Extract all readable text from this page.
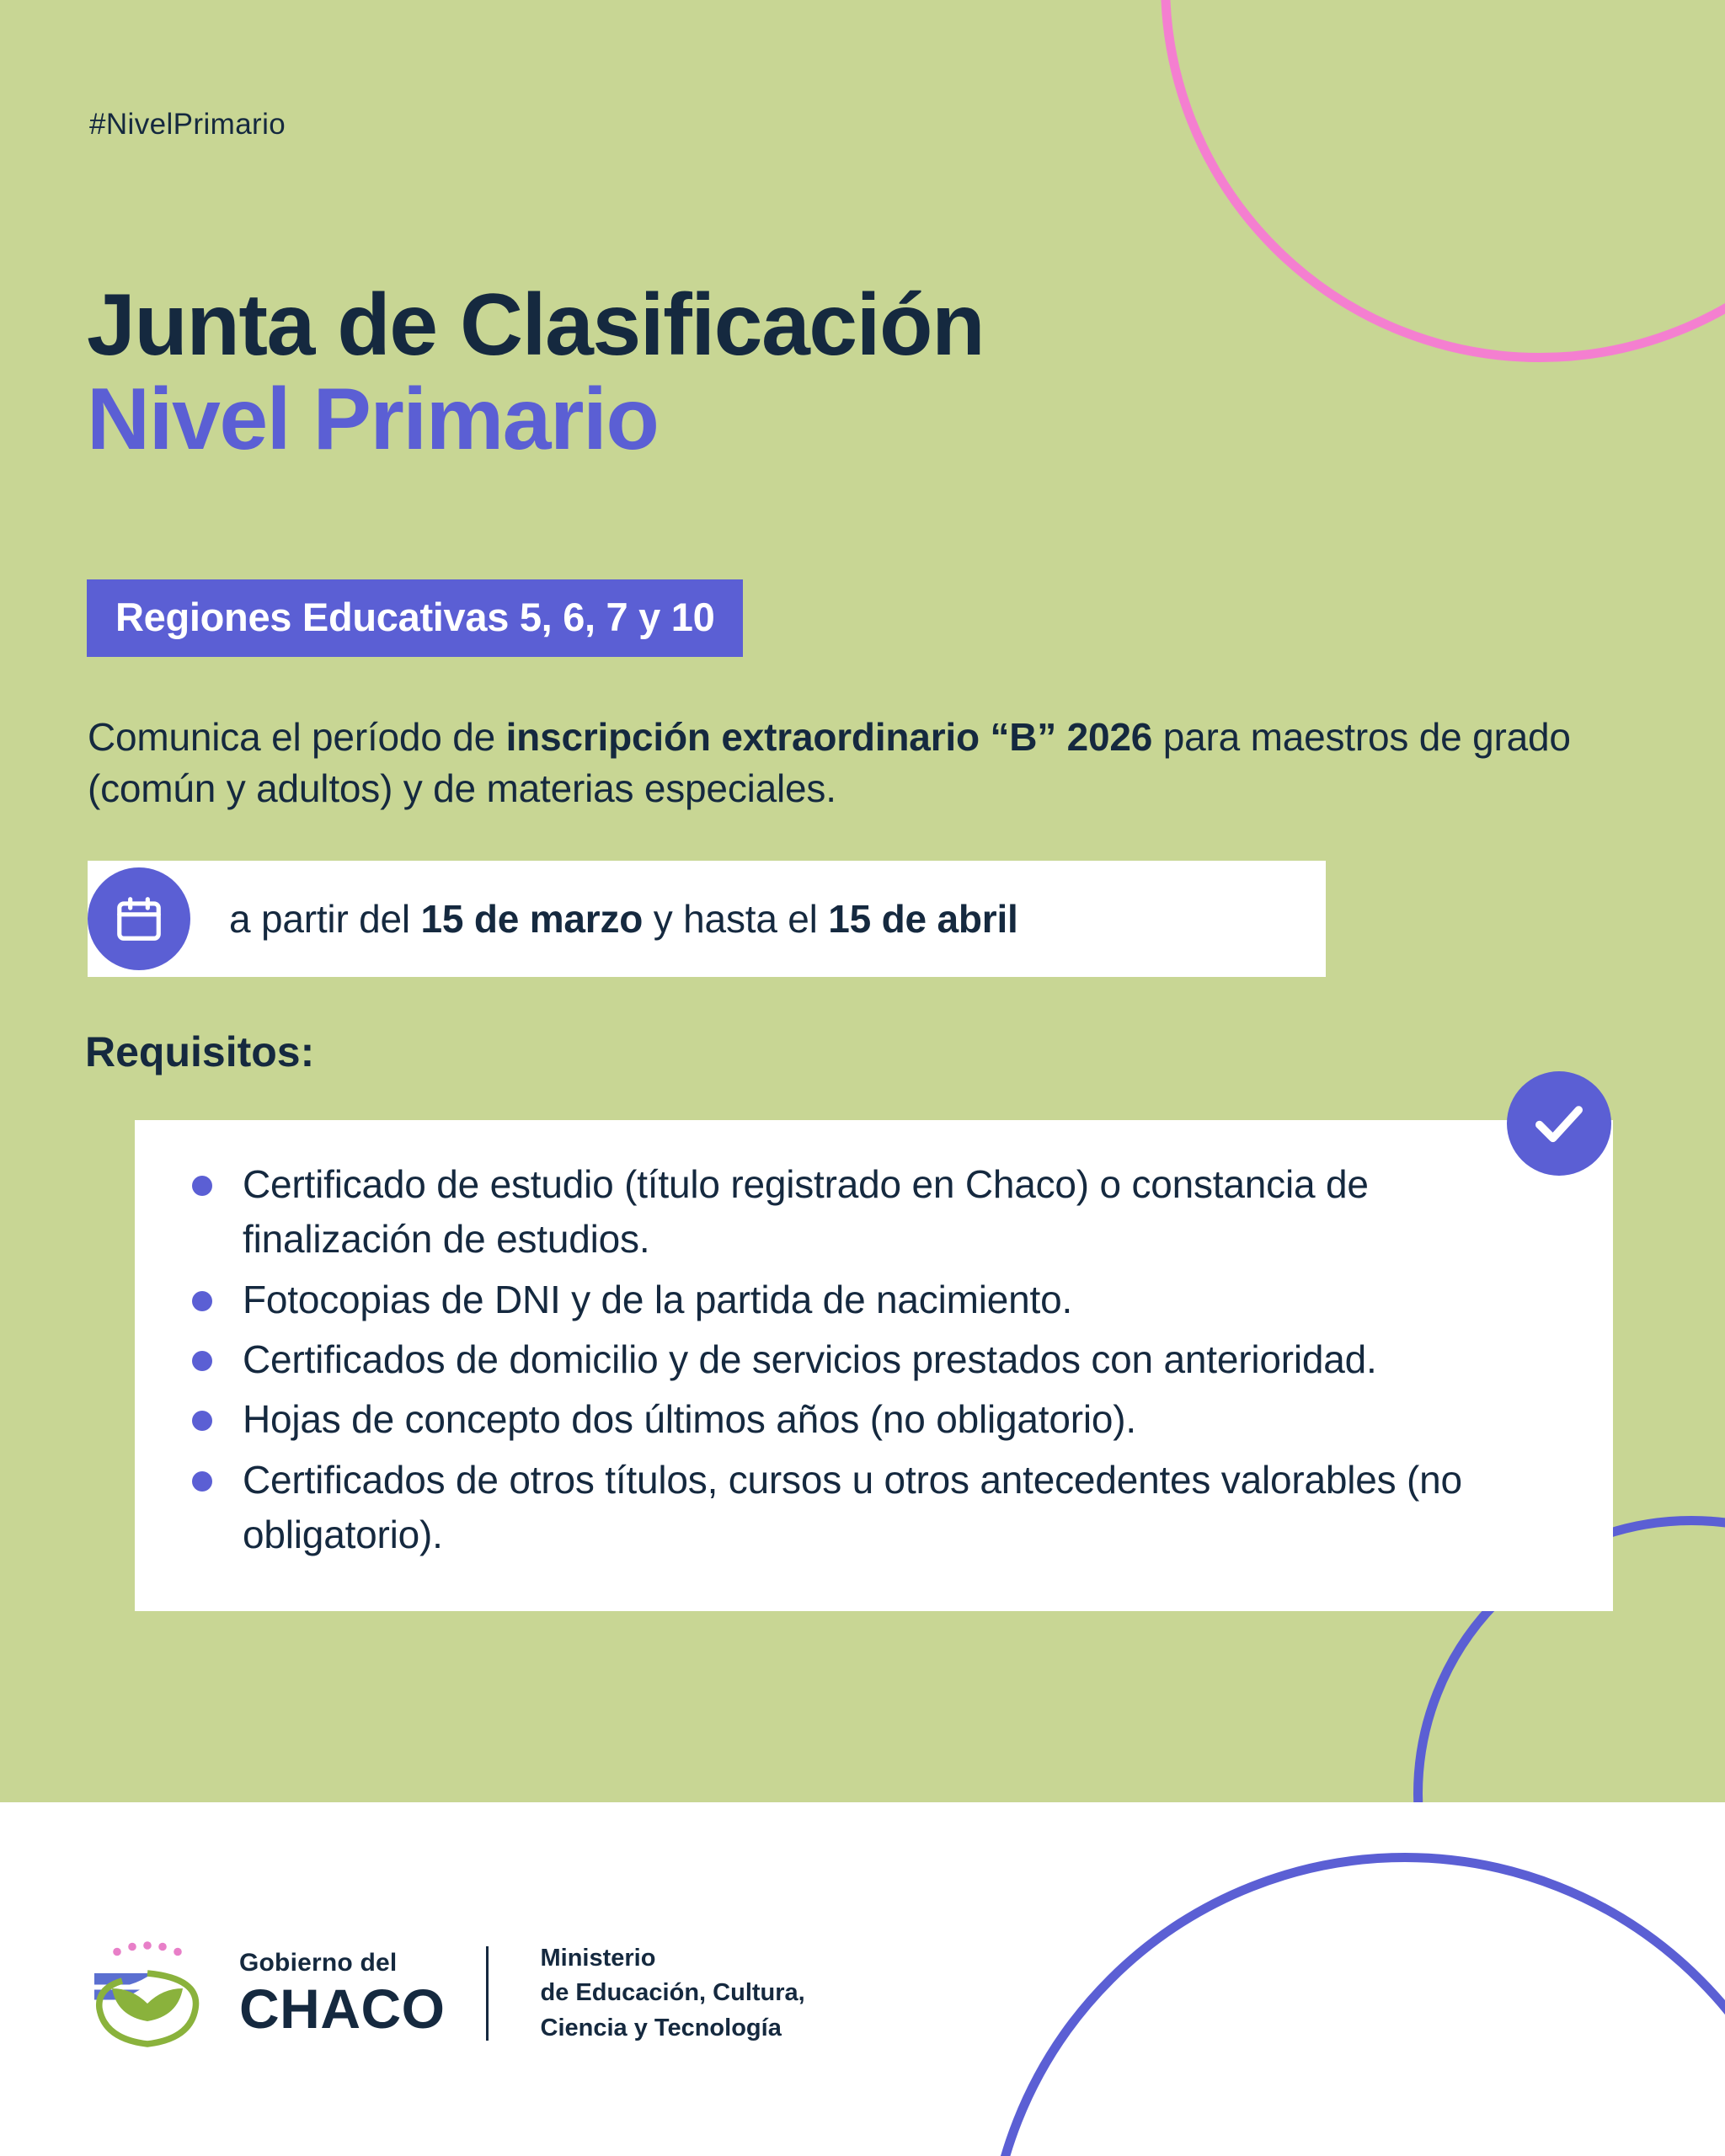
#NivelPrimario
Junta de Clasificación
Nivel Primario
Regiones Educativas 5, 6, 7 y 10
Comunica el período de inscripción extraordinario “B” 2026 para maestros de grado (común y adultos) y de materias especiales.
a partir del 15 de marzo y hasta el 15 de abril
Requisitos:
Certificado de estudio (título registrado en Chaco) o constancia de finalización de estudios.
Fotocopias de DNI y de la partida de nacimiento.
Certificados de domicilio y de servicios prestados con anterioridad.
Hojas de concepto dos últimos años (no obligatorio).
Certificados de otros títulos, cursos u otros antecedentes valorables (no obligatorio).
Gobierno del
CHACO
Ministerio
de Educación, Cultura,
Ciencia y Tecnología
